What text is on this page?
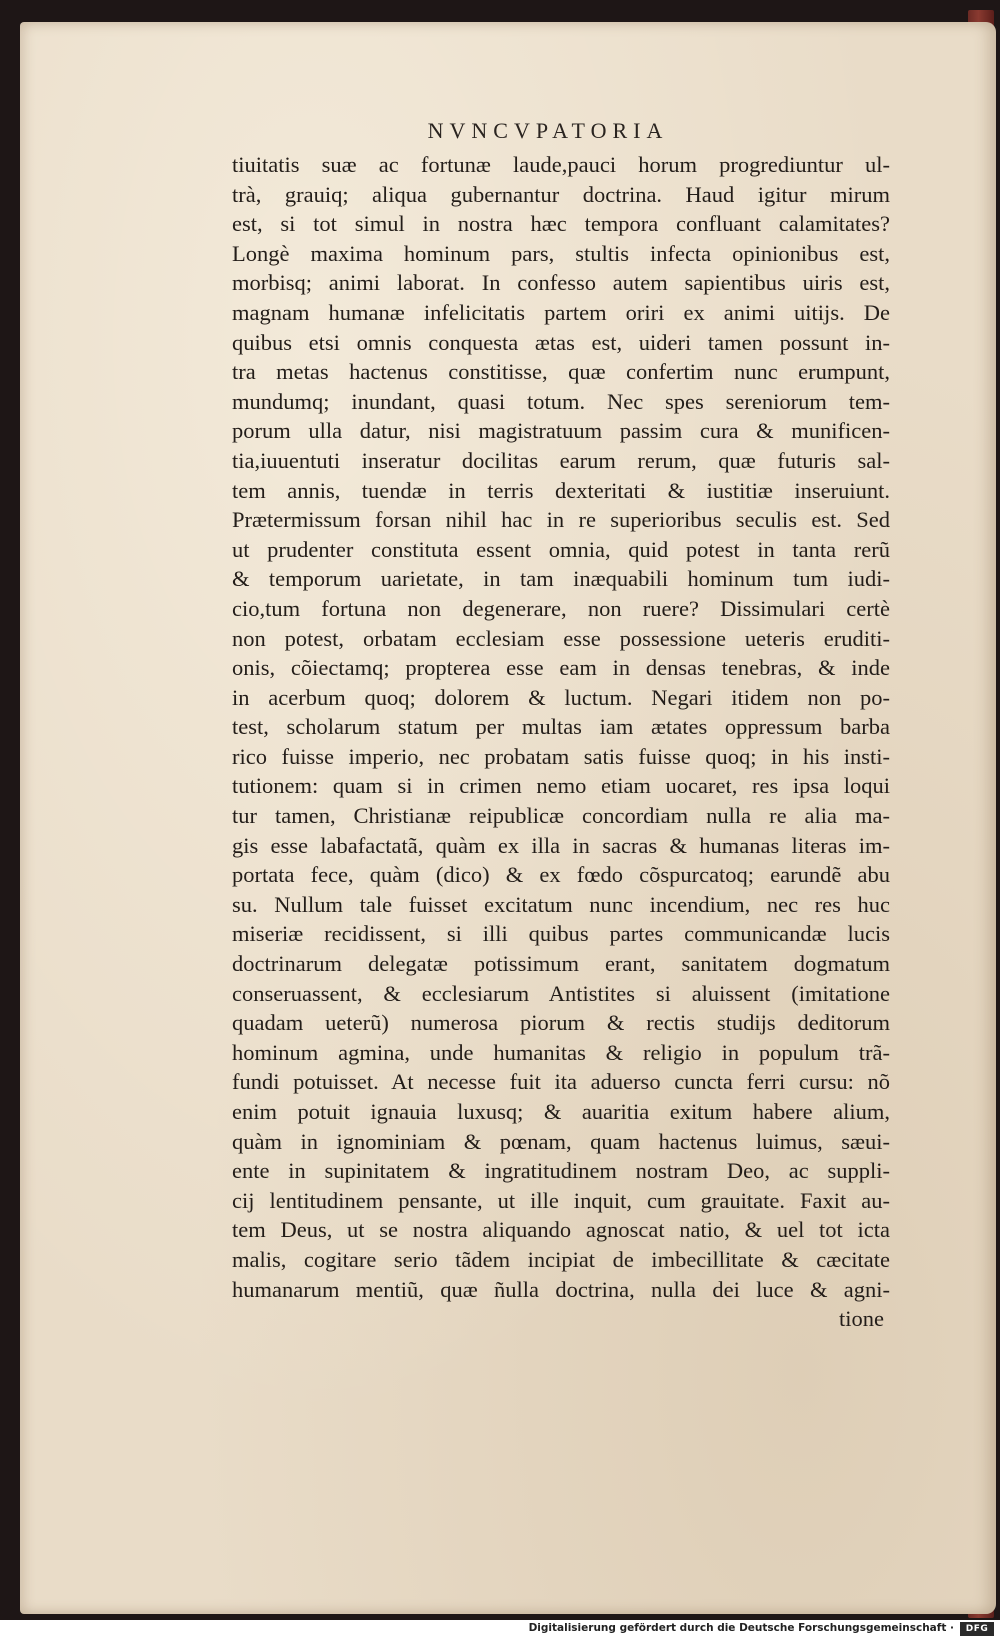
NVNCVPATORIA
tiuitatis suæ ac fortunæ laude,pauci horum progrediuntur ul-
trà, grauiq; aliqua gubernantur doctrina. Haud igitur mirum
est, si tot simul in nostra hæc tempora confluant calamitates?
Longè maxima hominum pars, stultis infecta opinionibus est,
morbisq; animi laborat. In confesso autem sapientibus uiris est,
magnam humanæ infelicitatis partem oriri ex animi uitijs. De
quibus etsi omnis conquesta ætas est, uideri tamen possunt in-
tra metas hactenus constitisse, quæ confertim nunc erumpunt,
mundumq; inundant, quasi totum. Nec spes sereniorum tem-
porum ulla datur, nisi magistratuum passim cura & munificen-
tia,iuuentuti inseratur docilitas earum rerum, quæ futuris sal-
tem annis, tuendæ in terris dexteritati & iustitiæ inseruiunt.
Prætermissum forsan nihil hac in re superioribus seculis est. Sed
ut prudenter constituta essent omnia, quid potest in tanta rerũ
& temporum uarietate, in tam inæquabili hominum tum iudi-
cio,tum fortuna non degenerare, non ruere? Dissimulari certè
non potest, orbatam ecclesiam esse possessione ueteris eruditi-
onis, cõiectamq; propterea esse eam in densas tenebras, & inde
in acerbum quoq; dolorem & luctum. Negari itidem non po-
test, scholarum statum per multas iam ætates oppressum barba
rico fuisse imperio, nec probatam satis fuisse quoq; in his insti-
tutionem: quam si in crimen nemo etiam uocaret, res ipsa loqui
tur tamen, Christianæ reipublicæ concordiam nulla re alia ma-
gis esse labafactatã, quàm ex illa in sacras & humanas literas im-
portata fece, quàm (dico) & ex fœdo cõspurcatoq; earundẽ abu
su. Nullum tale fuisset excitatum nunc incendium, nec res huc
miseriæ recidissent, si illi quibus partes communicandæ lucis
doctrinarum delegatæ potissimum erant, sanitatem dogmatum
conseruassent, & ecclesiarum Antistites si aluissent (imitatione
quadam ueterũ) numerosa piorum & rectis studijs deditorum
hominum agmina, unde humanitas & religio in populum trã-
fundi potuisset. At necesse fuit ita aduerso cuncta ferri cursu: nõ
enim potuit ignauia luxusq; & auaritia exitum habere alium,
quàm in ignominiam & pœnam, quam hactenus luimus, sæui-
ente in supinitatem & ingratitudinem nostram Deo, ac suppli-
cij lentitudinem pensante, ut ille inquit, cum grauitate. Faxit au-
tem Deus, ut se nostra aliquando agnoscat natio, & uel tot icta
malis, cogitare serio tãdem incipiat de imbecillitate & cæcitate
humanarum mentiũ, quæ ñulla doctrina, nulla dei luce & agni-
tione
Digitalisierung gefördert durch die Deutsche Forschungsgemeinschaft ·	DFG
